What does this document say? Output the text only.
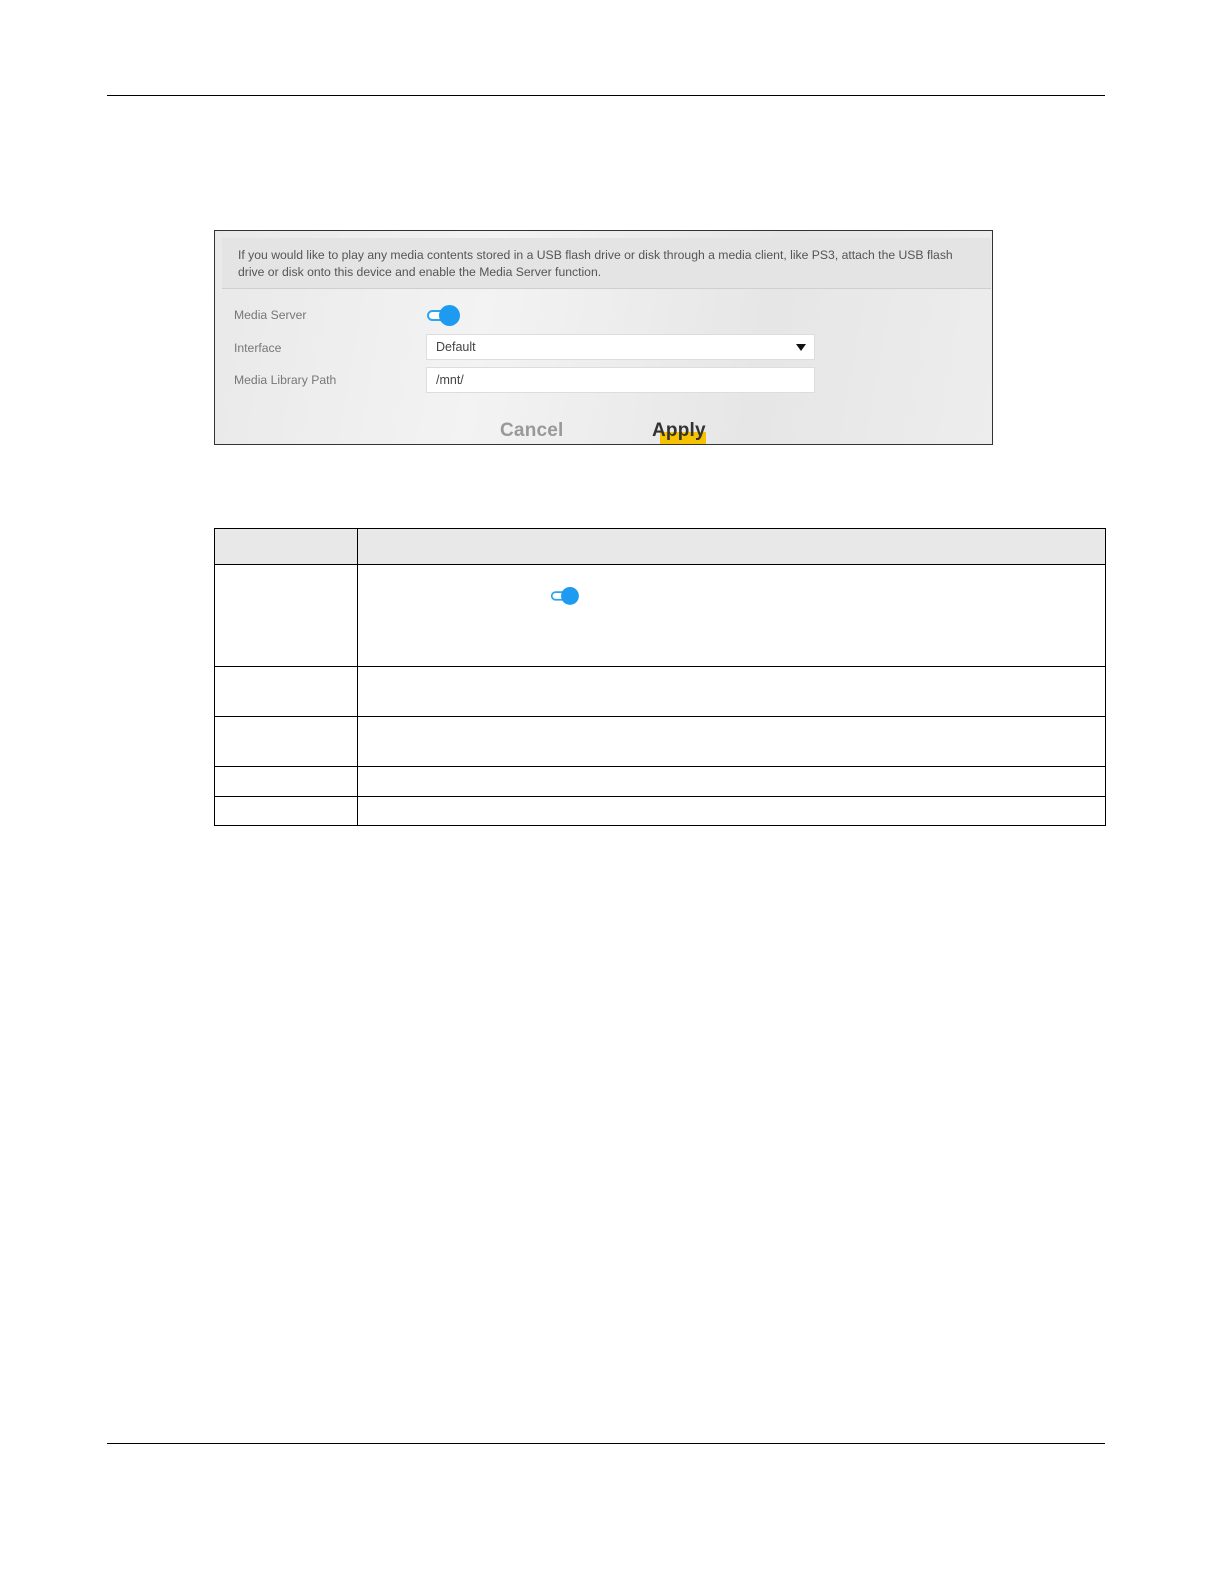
If you would like to play any media contents stored in a USB flash drive or disk through a media client, like PS3, attach the USB flash drive or disk onto this device and enable the Media Server function.
Media Server
Interface	Default
Media Library Path	/mnt/
Cancel	Apply
